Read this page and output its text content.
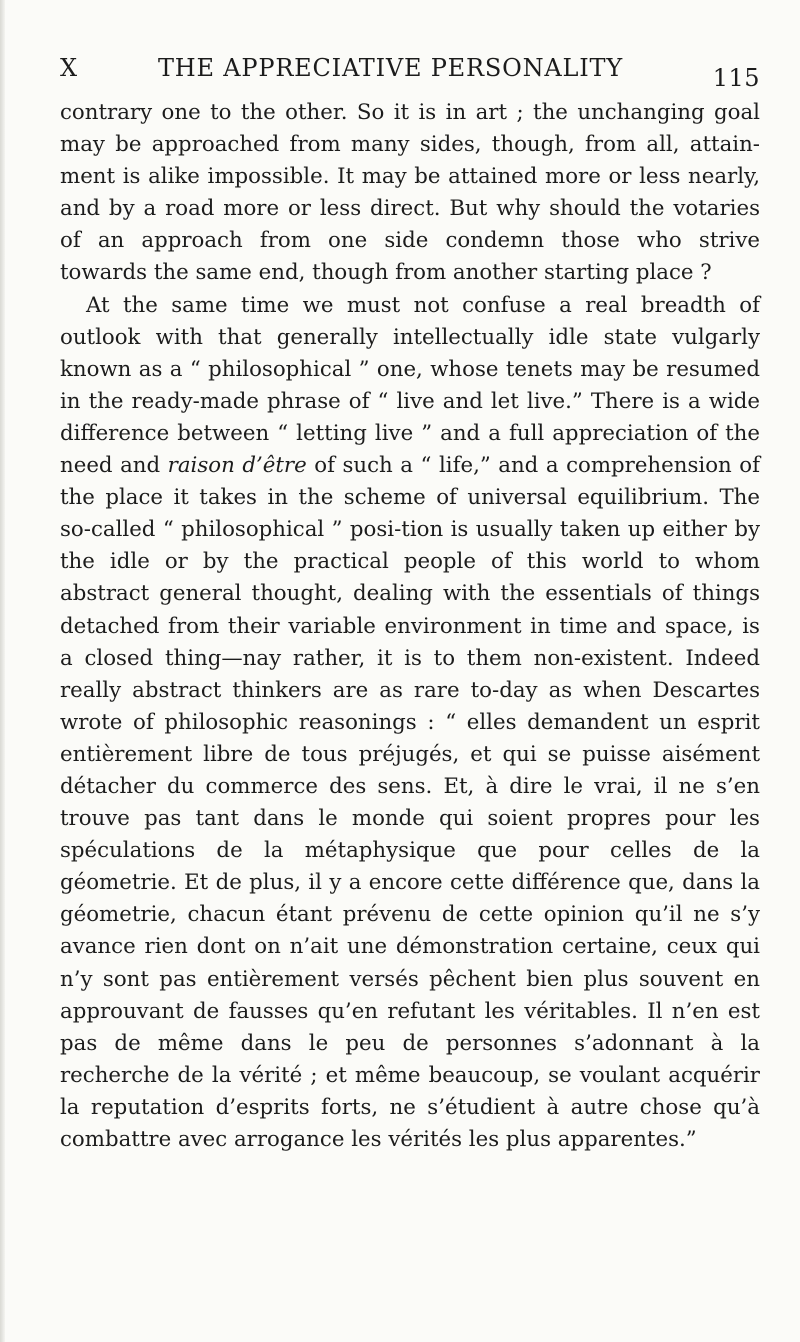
X	THE APPRECIATIVE PERSONALITY	115

contrary one to the other. So it is in art ; the unchanging goal may be approached from many sides, though, from all, attain-ment is alike impossible. It may be attained more or less nearly, and by a road more or less direct. But why should the votaries of an approach from one side condemn those who strive towards the same end, though from another starting place ?

At the same time we must not confuse a real breadth of outlook with that generally intellectually idle state vulgarly known as a “ philosophical ” one, whose tenets may be resumed in the ready-made phrase of “ live and let live.” There is a wide difference between “ letting live ” and a full appreciation of the need and raison d’être of such a “ life,” and a comprehension of the place it takes in the scheme of universal equilibrium. The so-called “ philosophical ” posi-tion is usually taken up either by the idle or by the practical people of this world to whom abstract general thought, dealing with the essentials of things detached from their variable environment in time and space, is a closed thing—nay rather, it is to them non-existent. Indeed really abstract thinkers are as rare to-day as when Descartes wrote of philosophic reasonings : “ elles demandent un esprit entièrement libre de tous préjugés, et qui se puisse aisément détacher du commerce des sens. Et, à dire le vrai, il ne s’en trouve pas tant dans le monde qui soient propres pour les spéculations de la métaphysique que pour celles de la géometrie. Et de plus, il y a encore cette différence que, dans la géometrie, chacun étant prévenu de cette opinion qu’il ne s’y avance rien dont on n’ait une démonstration certaine, ceux qui n’y sont pas entièrement versés pêchent bien plus souvent en approuvant de fausses qu’en refutant les véritables. Il n’en est pas de même dans le peu de personnes s’adonnant à la recherche de la vérité ; et même beaucoup, se voulant acquérir la reputation d’esprits forts, ne s’étudient à autre chose qu’à combattre avec arrogance les vérités les plus apparentes.”
